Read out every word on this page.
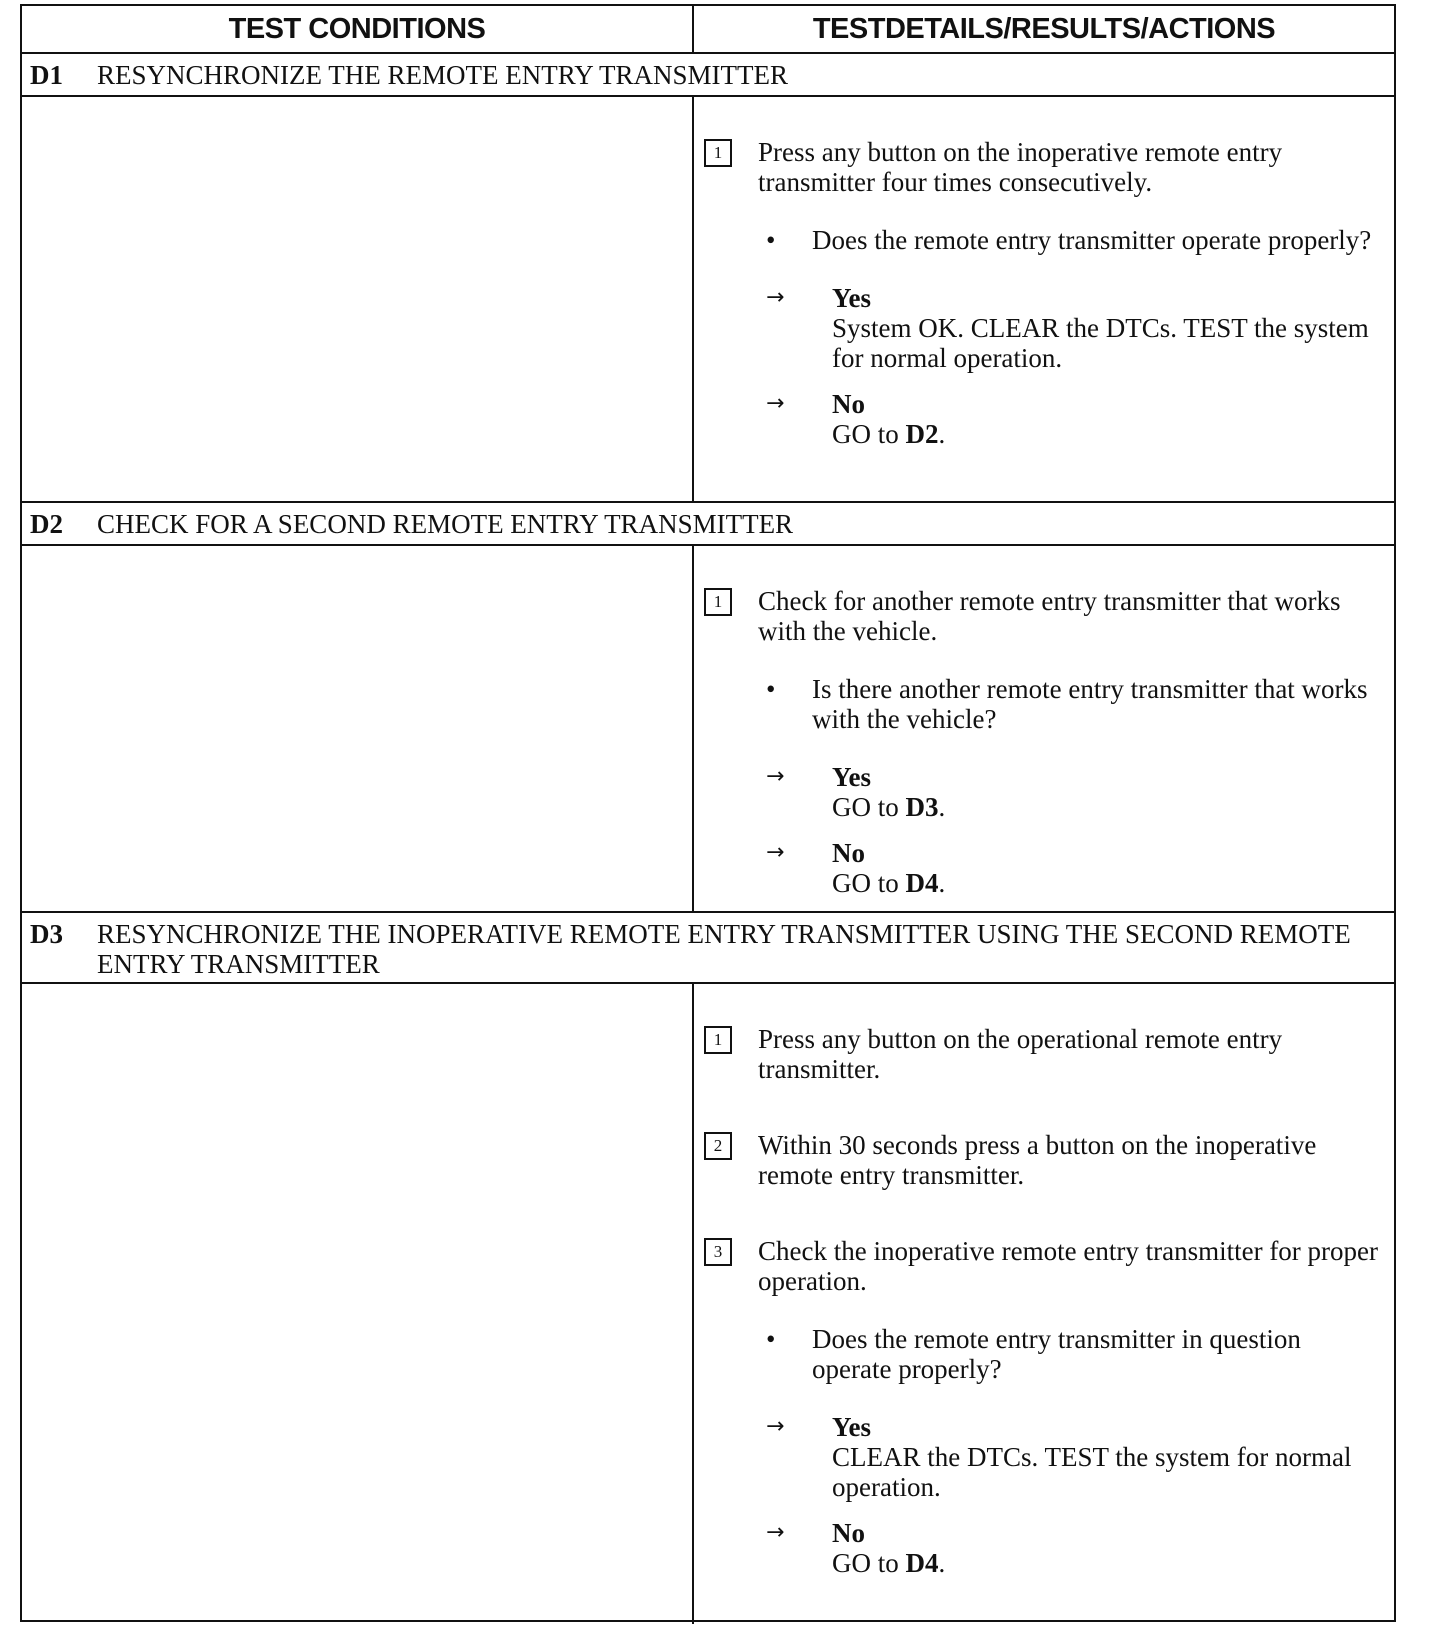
TEST CONDITIONS	TESTDETAILS/RESULTS/ACTIONS
D1	RESYNCHRONIZE THE REMOTE ENTRY TRANSMITTER
1	Press any button on the inoperative remote entry transmitter four times consecutively.
•	Does the remote entry transmitter operate properly?
→	Yes
System OK. CLEAR the DTCs. TEST the system for normal operation.
→	No
GO to D2.
D2	CHECK FOR A SECOND REMOTE ENTRY TRANSMITTER
1	Check for another remote entry transmitter that works with the vehicle.
•	Is there another remote entry transmitter that works with the vehicle?
→	Yes
GO to D3.
→	No
GO to D4.
D3	RESYNCHRONIZE THE INOPERATIVE REMOTE ENTRY TRANSMITTER USING THE SECOND REMOTE ENTRY TRANSMITTER
1	Press any button on the operational remote entry transmitter.
2	Within 30 seconds press a button on the inoperative remote entry transmitter.
3	Check the inoperative remote entry transmitter for proper operation.
•	Does the remote entry transmitter in question operate properly?
→	Yes
CLEAR the DTCs. TEST the system for normal operation.
→	No
GO to D4.
